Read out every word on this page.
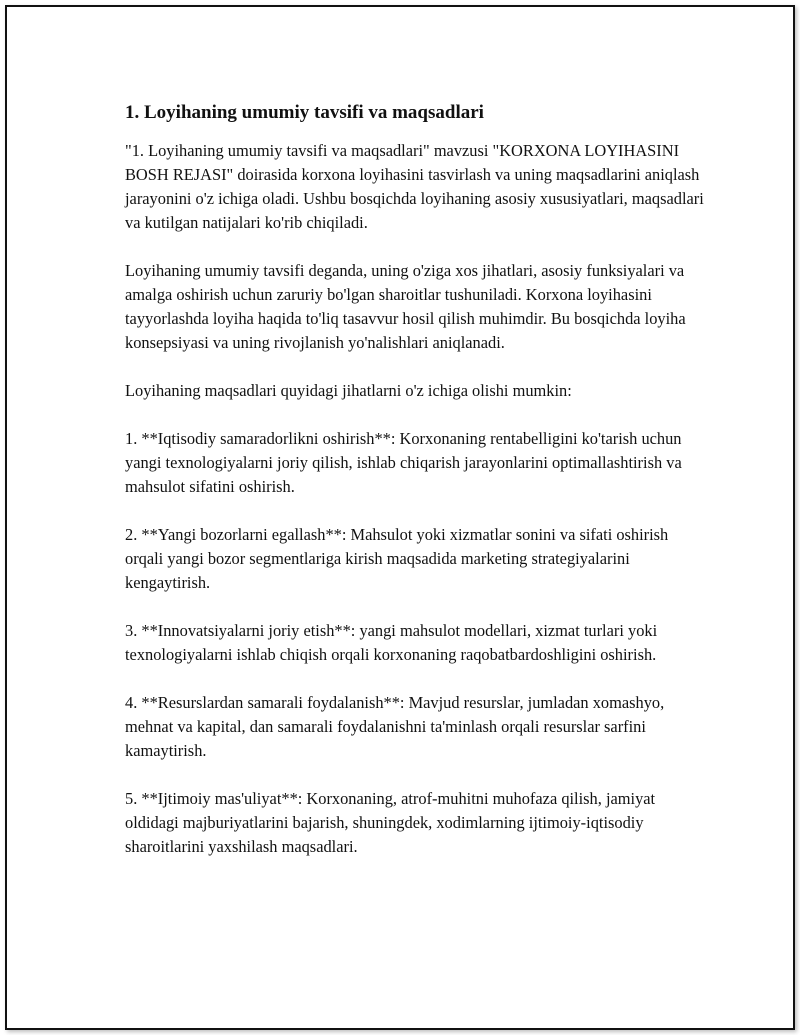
1. Loyihaning umumiy tavsifi va maqsadlari

"1. Loyihaning umumiy tavsifi va maqsadlari" mavzusi "KORXONA LOYIHASINI BOSH REJASI" doirasida korxona loyihasini tasvirlash va uning maqsadlarini aniqlash jarayonini o'z ichiga oladi. Ushbu bosqichda loyihaning asosiy xususiyatlari, maqsadlari va kutilgan natijalari ko'rib chiqiladi.

Loyihaning umumiy tavsifi deganda, uning o'ziga xos jihatlari, asosiy funksiyalari va amalga oshirish uchun zaruriy bo'lgan sharoitlar tushuniladi. Korxona loyihasini tayyorlashda loyiha haqida to'liq tasavvur hosil qilish muhimdir. Bu bosqichda loyiha konsepsiyasi va uning rivojlanish yo'nalishlari aniqlanadi.

Loyihaning maqsadlari quyidagi jihatlarni o'z ichiga olishi mumkin:

1. **Iqtisodiy samaradorlikni oshirish**: Korxonaning rentabelligini ko'tarish uchun yangi texnologiyalarni joriy qilish, ishlab chiqarish jarayonlarini optimallashtirish va mahsulot sifatini oshirish.

2. **Yangi bozorlarni egallash**: Mahsulot yoki xizmatlar sonini va sifati oshirish orqali yangi bozor segmentlariga kirish maqsadida marketing strategiyalarini kengaytirish.

3. **Innovatsiyalarni joriy etish**: yangi mahsulot modellari, xizmat turlari yoki texnologiyalarni ishlab chiqish orqali korxonaning raqobatbardoshligini oshirish.

4. **Resurslardan samarali foydalanish**: Mavjud resurslar, jumladan xomashyo, mehnat va kapital, dan samarali foydalanishni ta'minlash orqali resurslar sarfini kamaytirish.

5. **Ijtimoiy mas'uliyat**: Korxonaning, atrof-muhitni muhofaza qilish, jamiyat oldidagi majburiyatlarini bajarish, shuningdek, xodimlarning ijtimoiy-iqtisodiy sharoitlarini yaxshilash maqsadlari.
